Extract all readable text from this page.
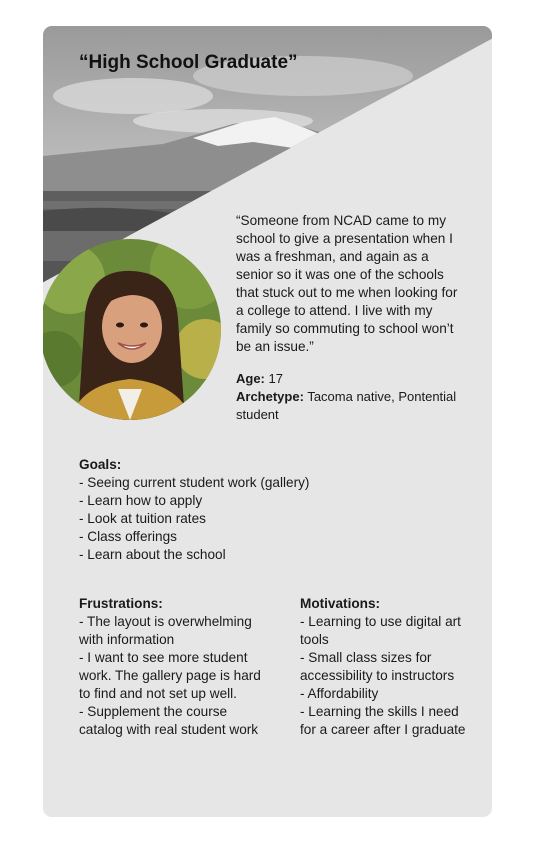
“High School Graduate”

“Someone from NCAD came to my school to give a presentation when I was a freshman, and again as a senior so it was one of the schools that stuck out to me when looking for a college to attend. I live with my family so commuting to school won’t be an issue.”

Age: 17
Archetype: Tacoma native, Pontential student
Goals:
- Seeing current student work (gallery)
- Learn how to apply
- Look at tuition rates
- Class offerings
- Learn about the school
Frustrations:
- The layout is overwhelming with information
- I want to see more student work. The gallery page is hard to find and not set up well.
- Supplement the course catalog with real student work
Motivations:
- Learning to use digital art tools
- Small class sizes for accessibility to instructors
- Affordability
- Learning the skills I need for a career after I graduate
